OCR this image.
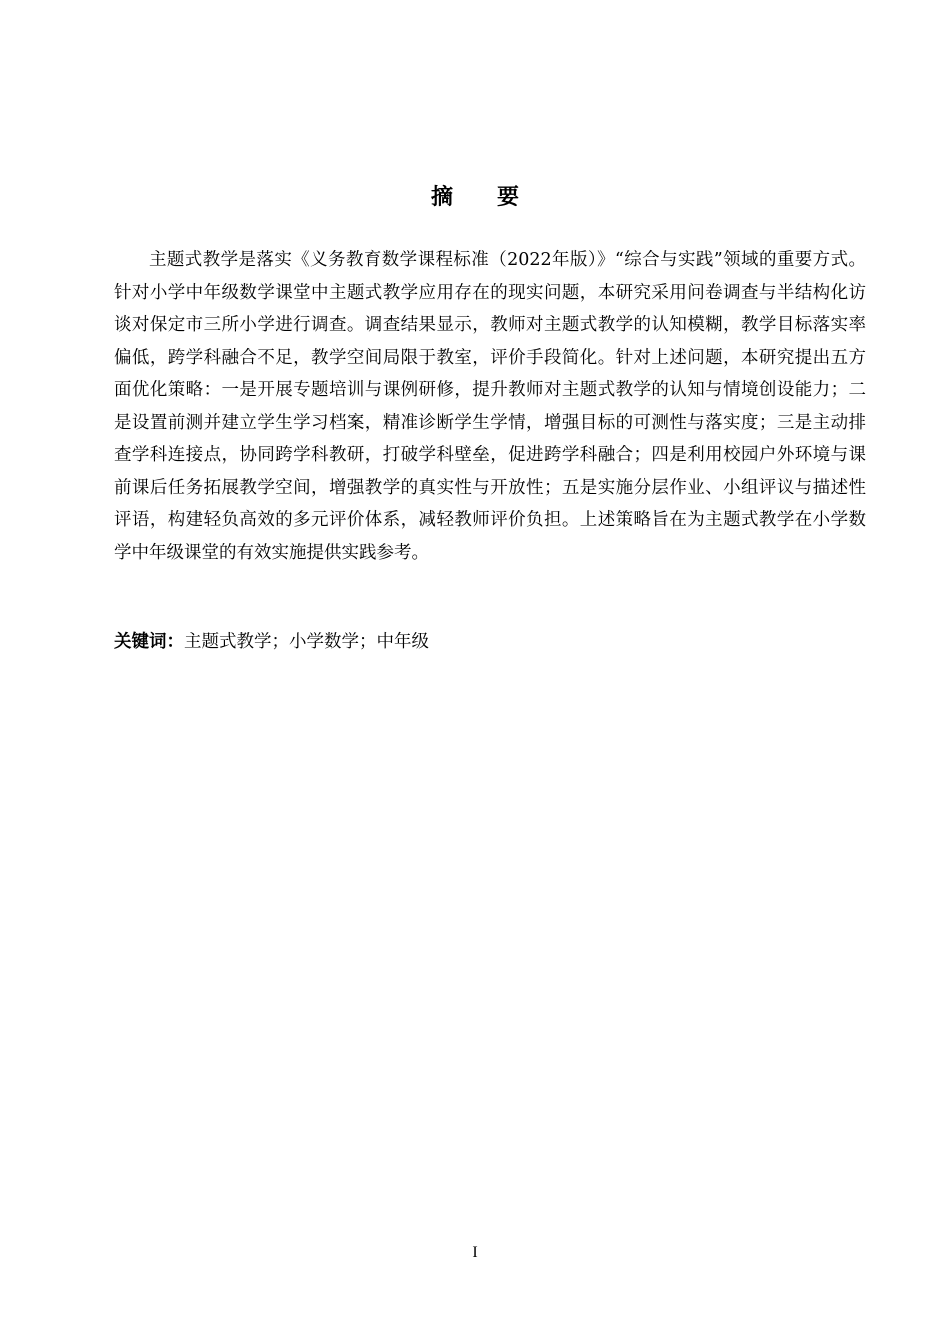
摘　　要

主题式教学是落实《义务教育数学课程标准（2022年版）》“综合与实践”领域的重要方式。针对小学中年级数学课堂中主题式教学应用存在的现实问题，本研究采用问卷调查与半结构化访谈对保定市三所小学进行调查。调查结果显示，教师对主题式教学的认知模糊，教学目标落实率偏低，跨学科融合不足，教学空间局限于教室，评价手段简化。针对上述问题，本研究提出五方面优化策略：一是开展专题培训与课例研修，提升教师对主题式教学的认知与情境创设能力；二是设置前测并建立学生学习档案，精准诊断学生学情，增强目标的可测性与落实度；三是主动排查学科连接点，协同跨学科教研，打破学科壁垒，促进跨学科融合；四是利用校园户外环境与课前课后任务拓展教学空间，增强教学的真实性与开放性；五是实施分层作业、小组评议与描述性评语，构建轻负高效的多元评价体系，减轻教师评价负担。上述策略旨在为主题式教学在小学数学中年级课堂的有效实施提供实践参考。

关键词：主题式教学；小学数学；中年级

I
